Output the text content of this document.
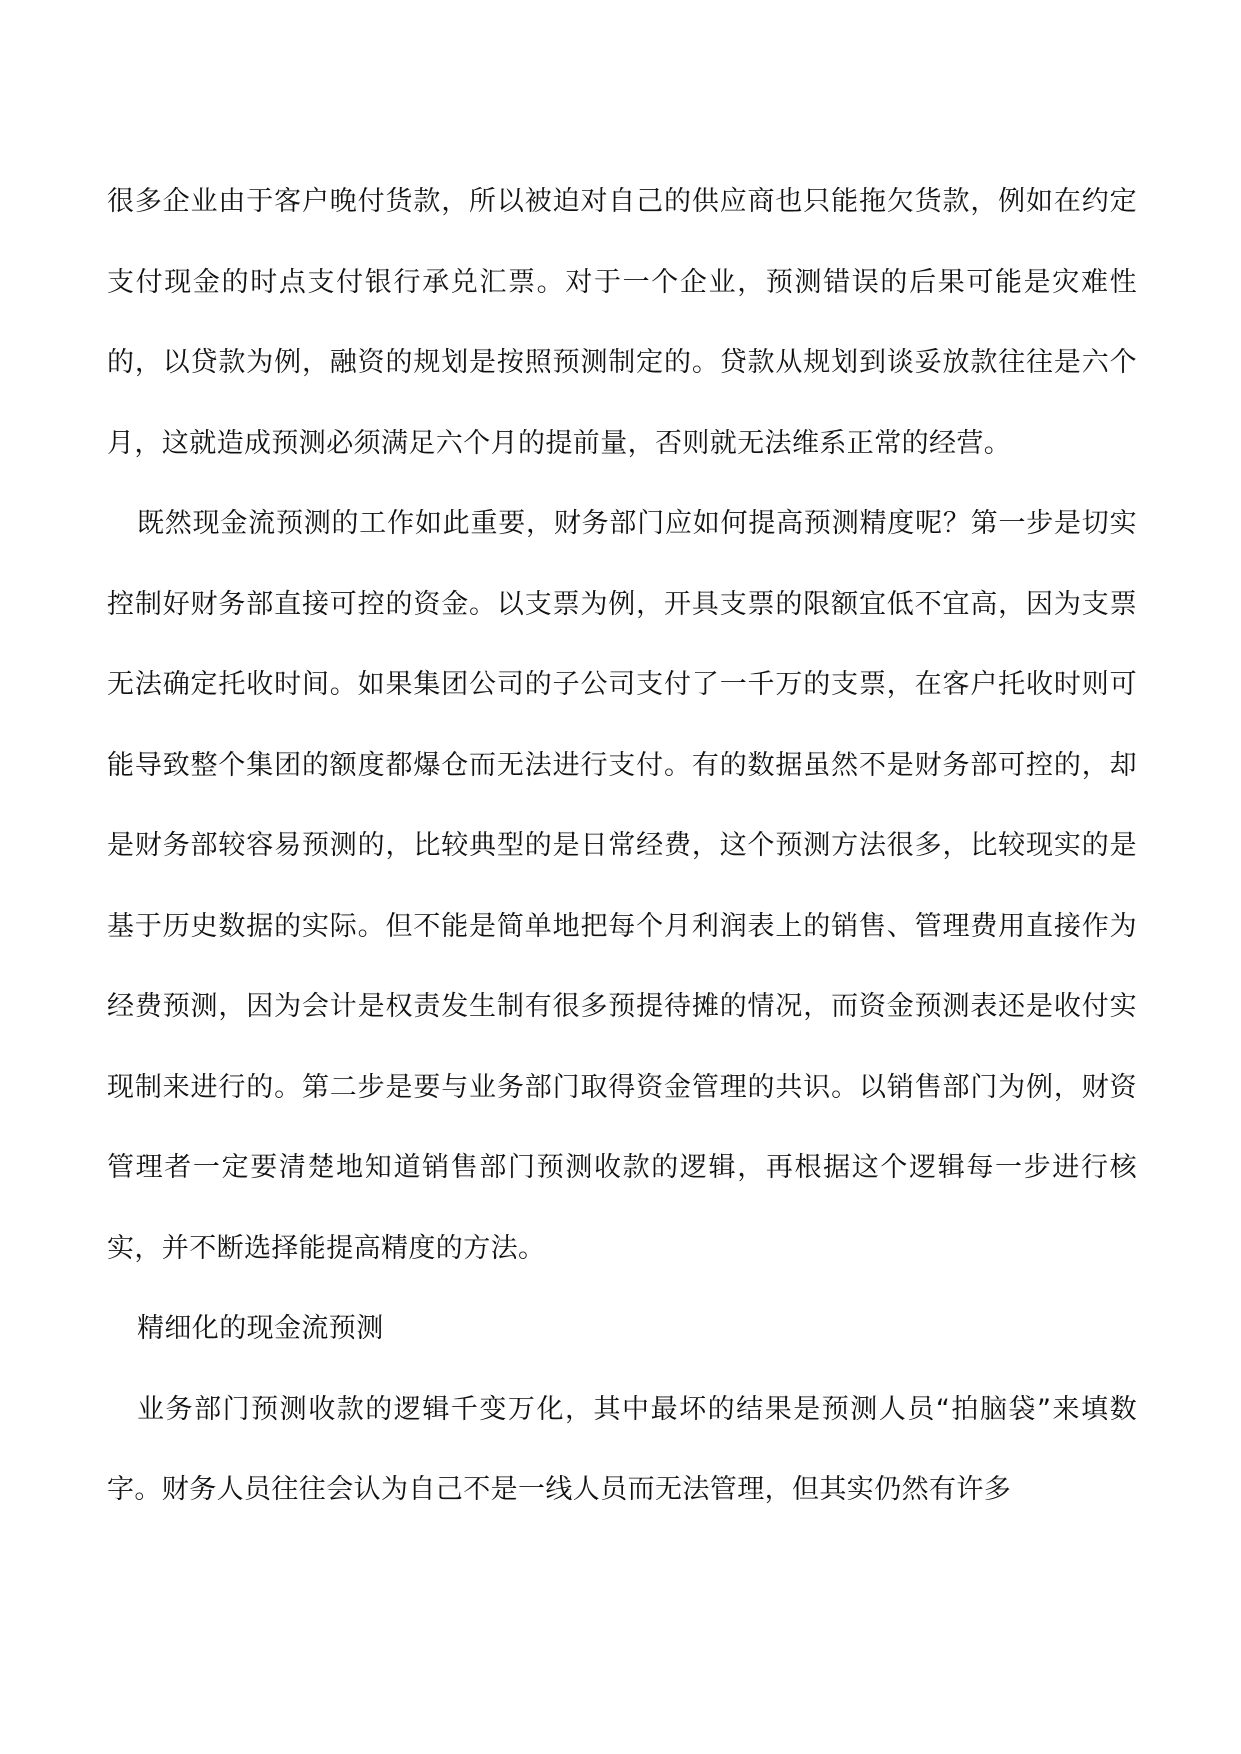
很多企业由于客户晚付货款，所以被迫对自己的供应商也只能拖欠货款，例如在约定支付现金的时点支付银行承兑汇票。对于一个企业，预测错误的后果可能是灾难性的，以贷款为例，融资的规划是按照预测制定的。贷款从规划到谈妥放款往往是六个月，这就造成预测必须满足六个月的提前量，否则就无法维系正常的经营。

既然现金流预测的工作如此重要，财务部门应如何提高预测精度呢？第一步是切实控制好财务部直接可控的资金。以支票为例，开具支票的限额宜低不宜高，因为支票无法确定托收时间。如果集团公司的子公司支付了一千万的支票，在客户托收时则可能导致整个集团的额度都爆仓而无法进行支付。有的数据虽然不是财务部可控的，却是财务部较容易预测的，比较典型的是日常经费，这个预测方法很多，比较现实的是基于历史数据的实际。但不能是简单地把每个月利润表上的销售、管理费用直接作为经费预测，因为会计是权责发生制有很多预提待摊的情况，而资金预测表还是收付实现制来进行的。第二步是要与业务部门取得资金管理的共识。以销售部门为例，财资管理者一定要清楚地知道销售部门预测收款的逻辑，再根据这个逻辑每一步进行核实，并不断选择能提高精度的方法。

精细化的现金流预测

业务部门预测收款的逻辑千变万化，其中最坏的结果是预测人员“拍脑袋”来填数字。财务人员往往会认为自己不是一线人员而无法管理，但其实仍然有许多
